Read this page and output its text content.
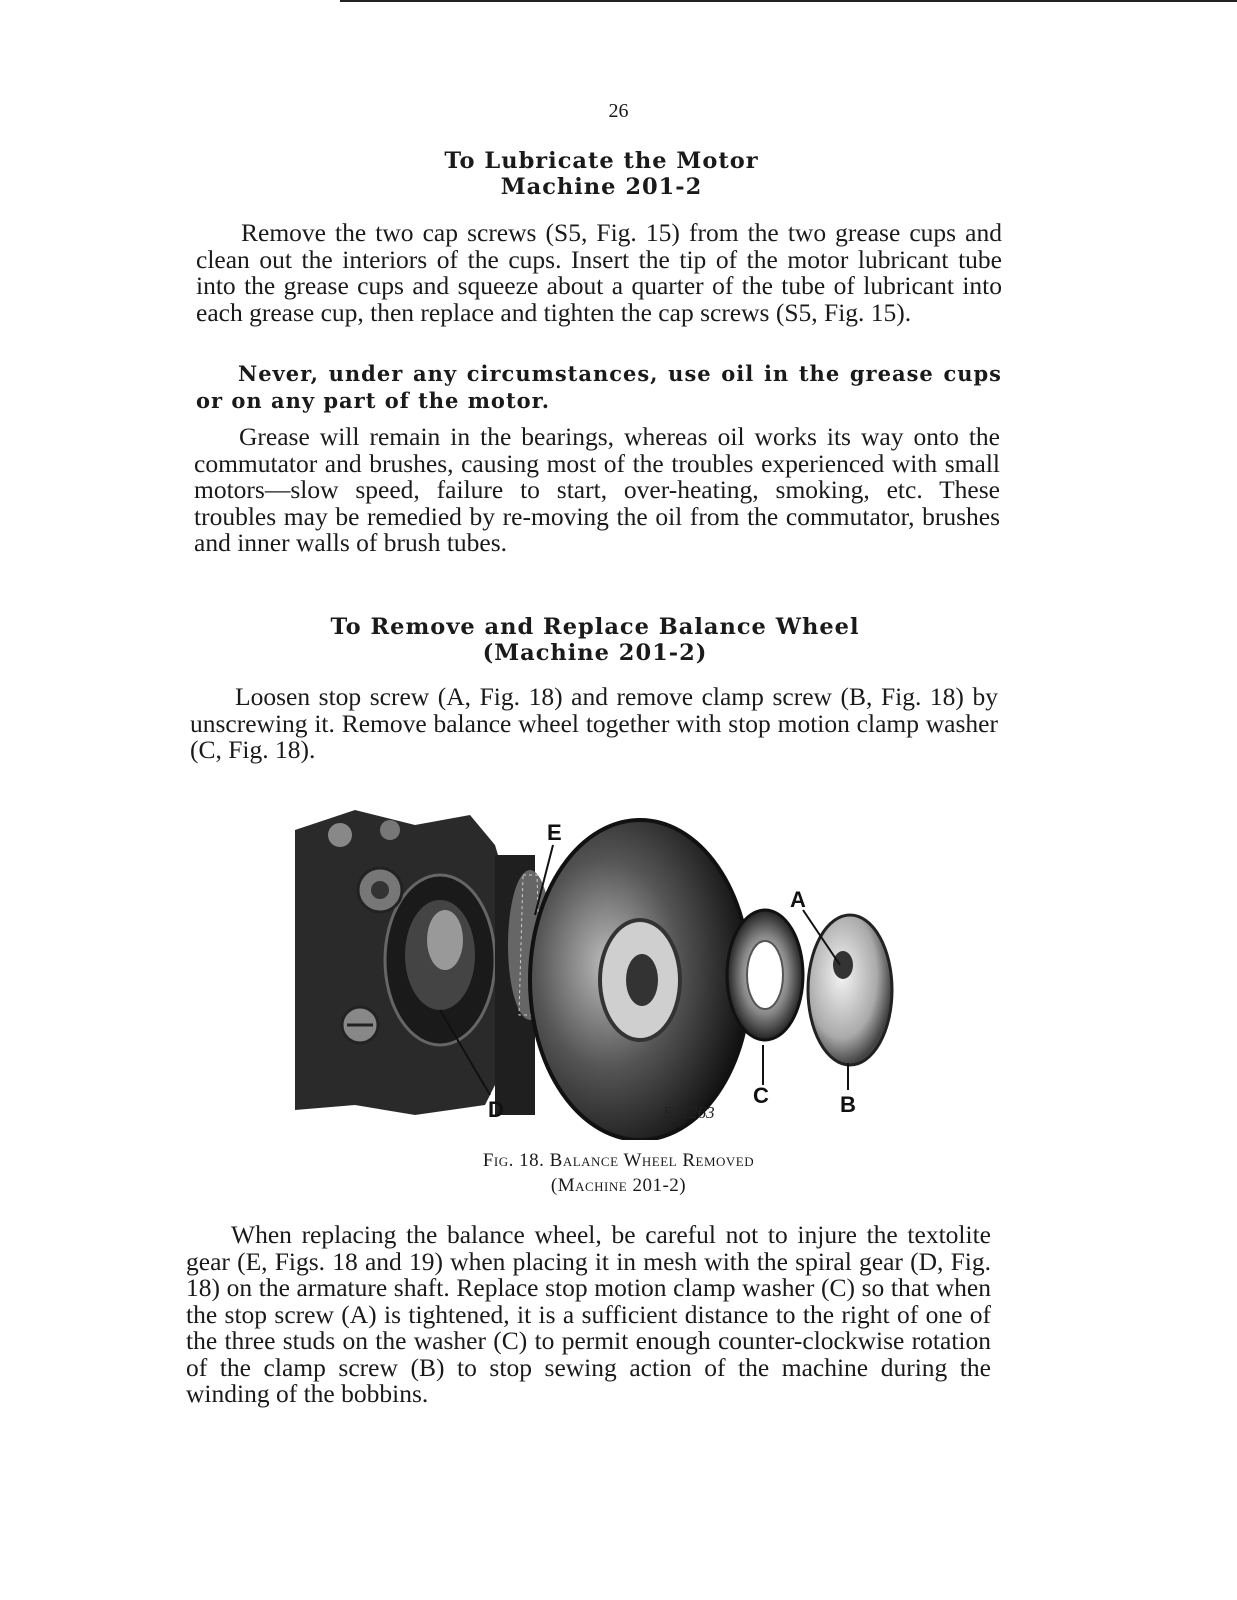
26
To Lubricate the Motor
Machine 201-2

Remove the two cap screws (S5, Fig. 15) from the two grease cups and clean out the interiors of the cups. Insert the tip of the motor lubricant tube into the grease cups and squeeze about a quarter of the tube of lubricant into each grease cup, then replace and tighten the cap screws (S5, Fig. 15).

Never, under any circumstances, use oil in the grease cups or on any part of the motor.

Grease will remain in the bearings, whereas oil works its way onto the commutator and brushes, causing most of the troubles experienced with small motors—slow speed, failure to start, over-heating, smoking, etc. These troubles may be remedied by re-moving the oil from the commutator, brushes and inner walls of brush tubes.

To Remove and Replace Balance Wheel
(Machine 201-2)

Loosen stop screw (A, Fig. 18) and remove clamp screw (B, Fig. 18) by unscrewing it. Remove balance wheel together with stop motion clamp washer (C, Fig. 18).

E
A
C	B
D	E11263
Fig. 18. Balance Wheel Removed
(Machine 201-2)

When replacing the balance wheel, be careful not to injure the textolite gear (E, Figs. 18 and 19) when placing it in mesh with the spiral gear (D, Fig. 18) on the armature shaft. Replace stop motion clamp washer (C) so that when the stop screw (A) is tightened, it is a sufficient distance to the right of one of the three studs on the washer (C) to permit enough counter-clockwise rotation of the clamp screw (B) to stop sewing action of the machine during the winding of the bobbins.
